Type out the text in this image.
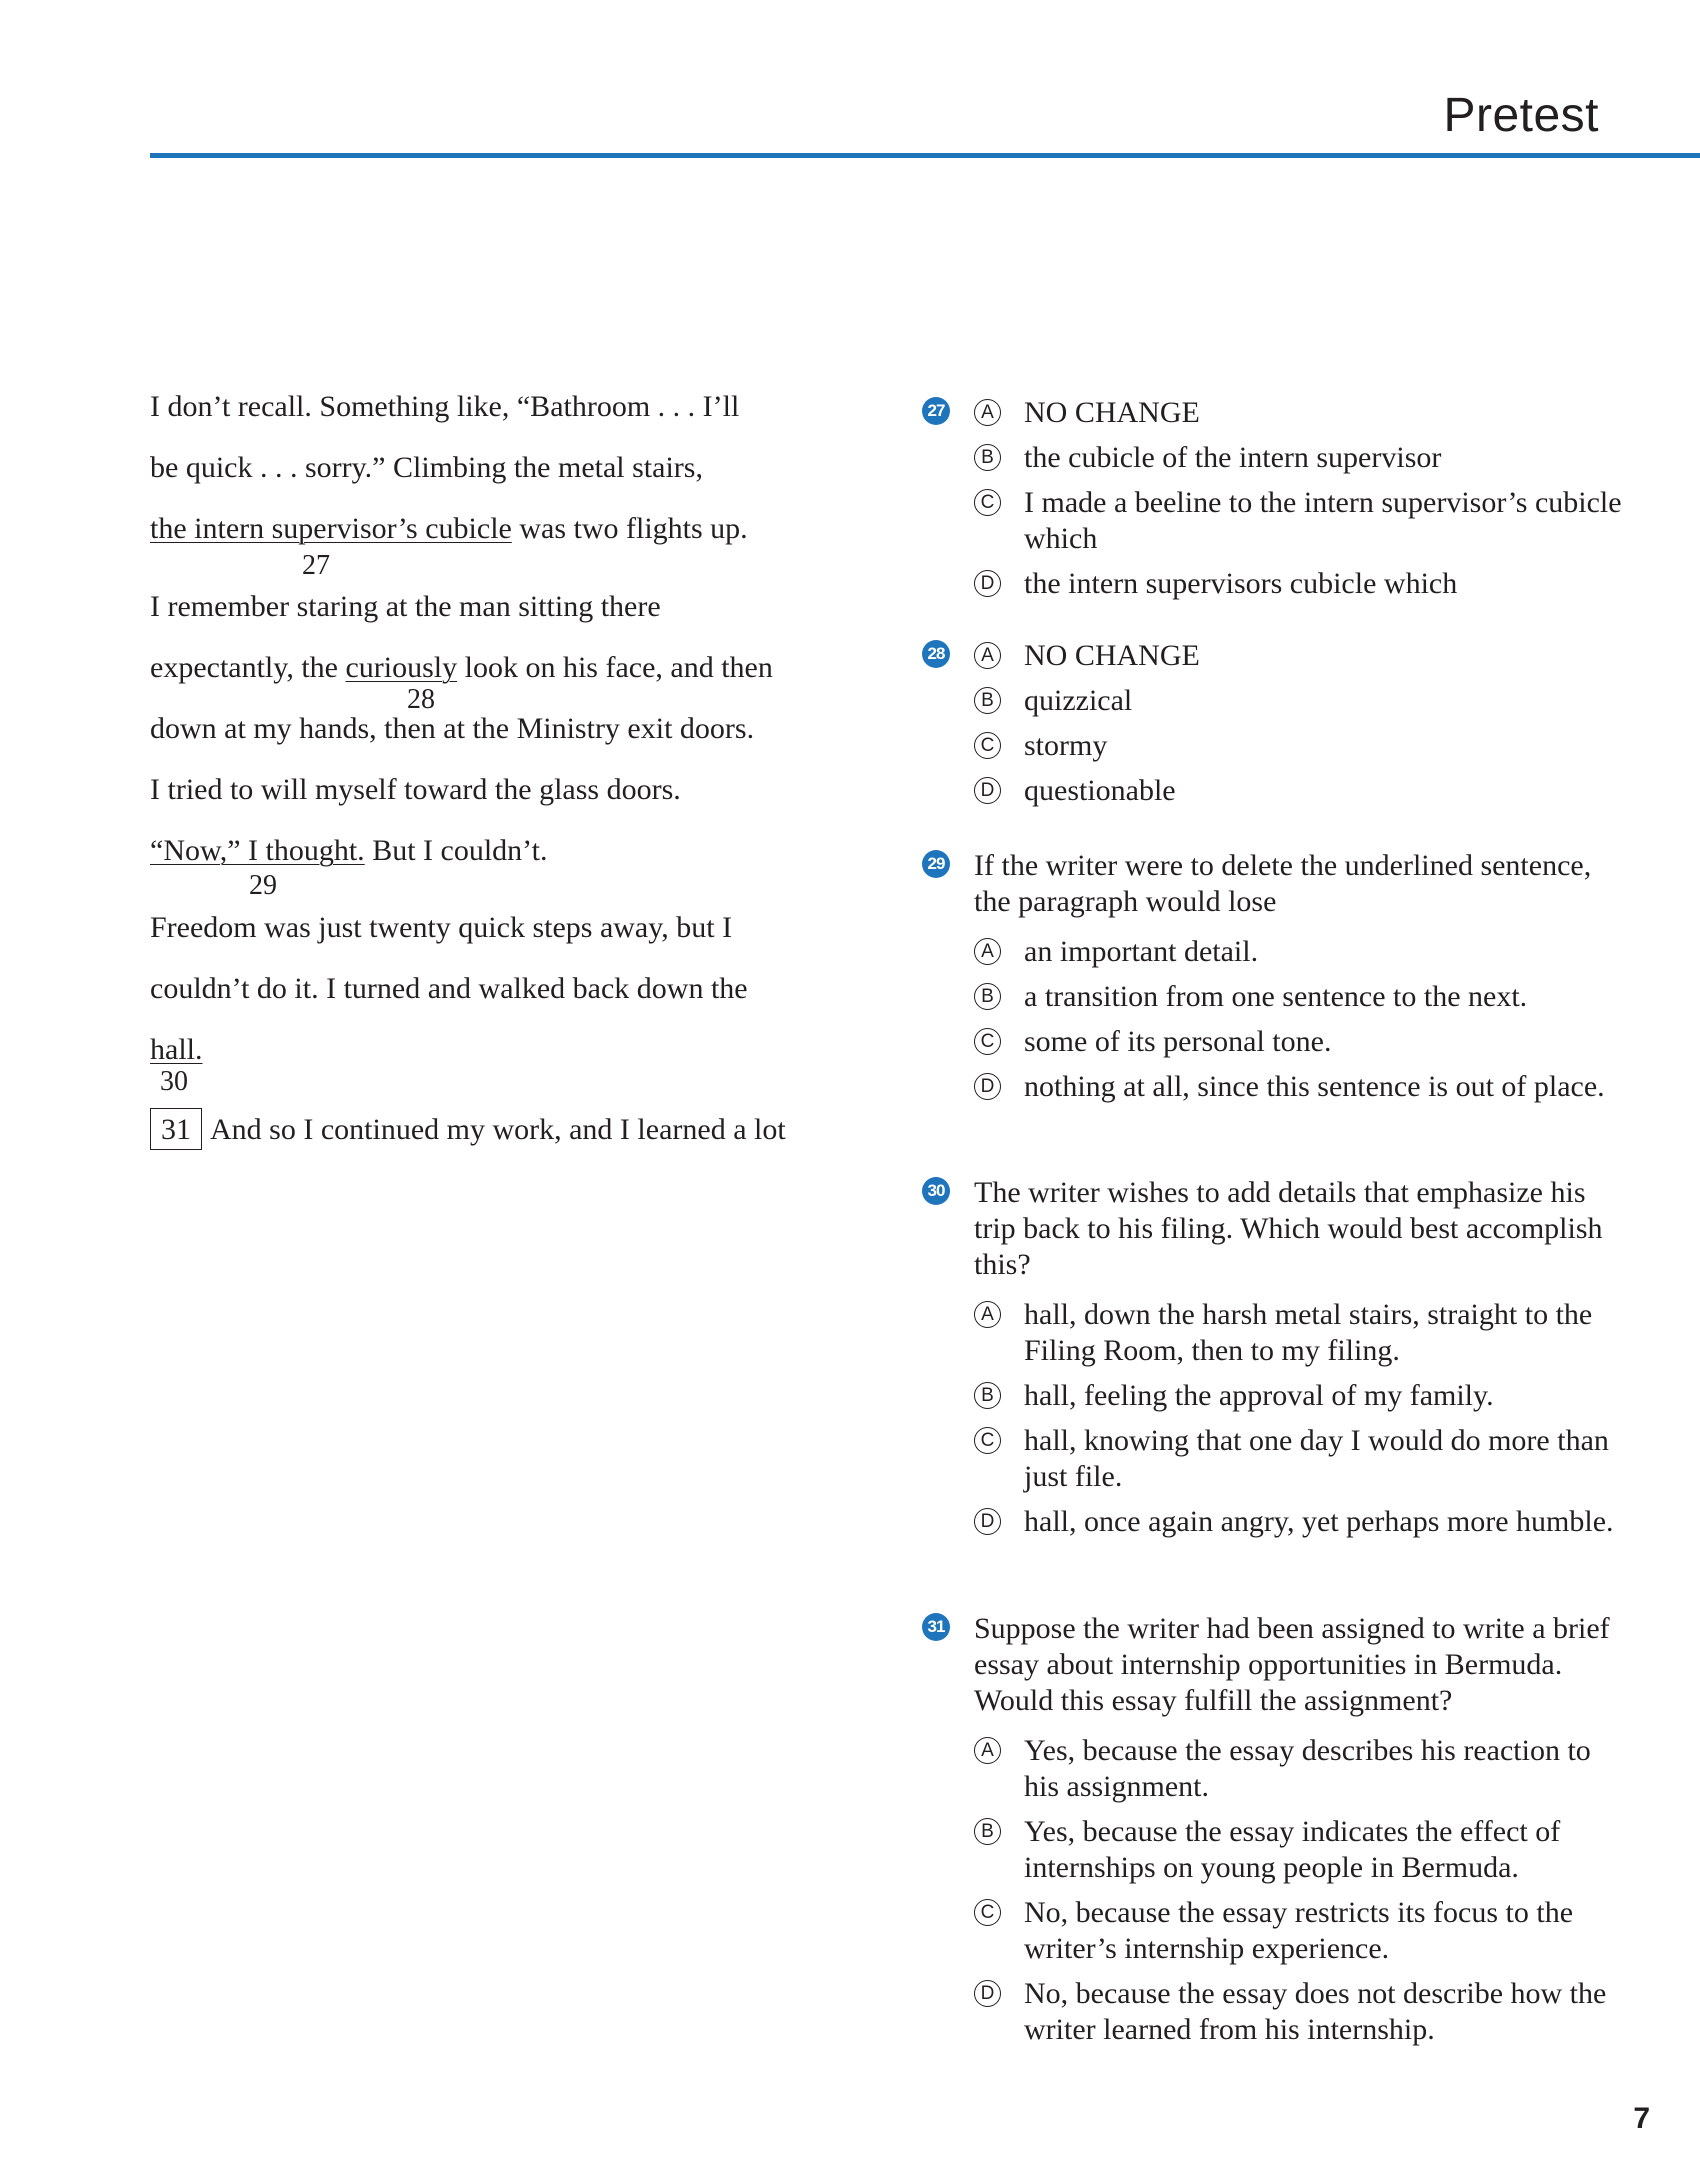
Pretest
I don’t recall. Something like, “Bathroom . . . I’ll
be quick . . . sorry.” Climbing the metal stairs,
the intern supervisor’s cubicle was two flights up.
27
I remember staring at the man sitting there
expectantly, the curiously look on his face, and then
28
down at my hands, then at the Ministry exit doors.
I tried to will myself toward the glass doors.
“Now,” I thought. But I couldn’t.
29
Freedom was just twenty quick steps away, but I
couldn’t do it. I turned and walked back down the
hall.
30
31 And so I continued my work, and I learned a lot
27	A NO CHANGE
B the cubicle of the intern supervisor
C I made a beeline to the intern supervisor’s cubicle which
D the intern supervisors cubicle which
28	A NO CHANGE
B quizzical
C stormy
D questionable
29 If the writer were to delete the underlined sentence, the paragraph would lose
A an important detail.
B a transition from one sentence to the next.
C some of its personal tone.
D nothing at all, since this sentence is out of place.
30 The writer wishes to add details that emphasize his trip back to his filing. Which would best accomplish this?
A hall, down the harsh metal stairs, straight to the Filing Room, then to my filing.
B hall, feeling the approval of my family.
C hall, knowing that one day I would do more than just file.
D hall, once again angry, yet perhaps more humble.
31 Suppose the writer had been assigned to write a brief essay about internship opportunities in Bermuda. Would this essay fulfill the assignment?
A Yes, because the essay describes his reaction to his assignment.
B Yes, because the essay indicates the effect of internships on young people in Bermuda.
C No, because the essay restricts its focus to the writer’s internship experience.
D No, because the essay does not describe how the writer learned from his internship.
7
